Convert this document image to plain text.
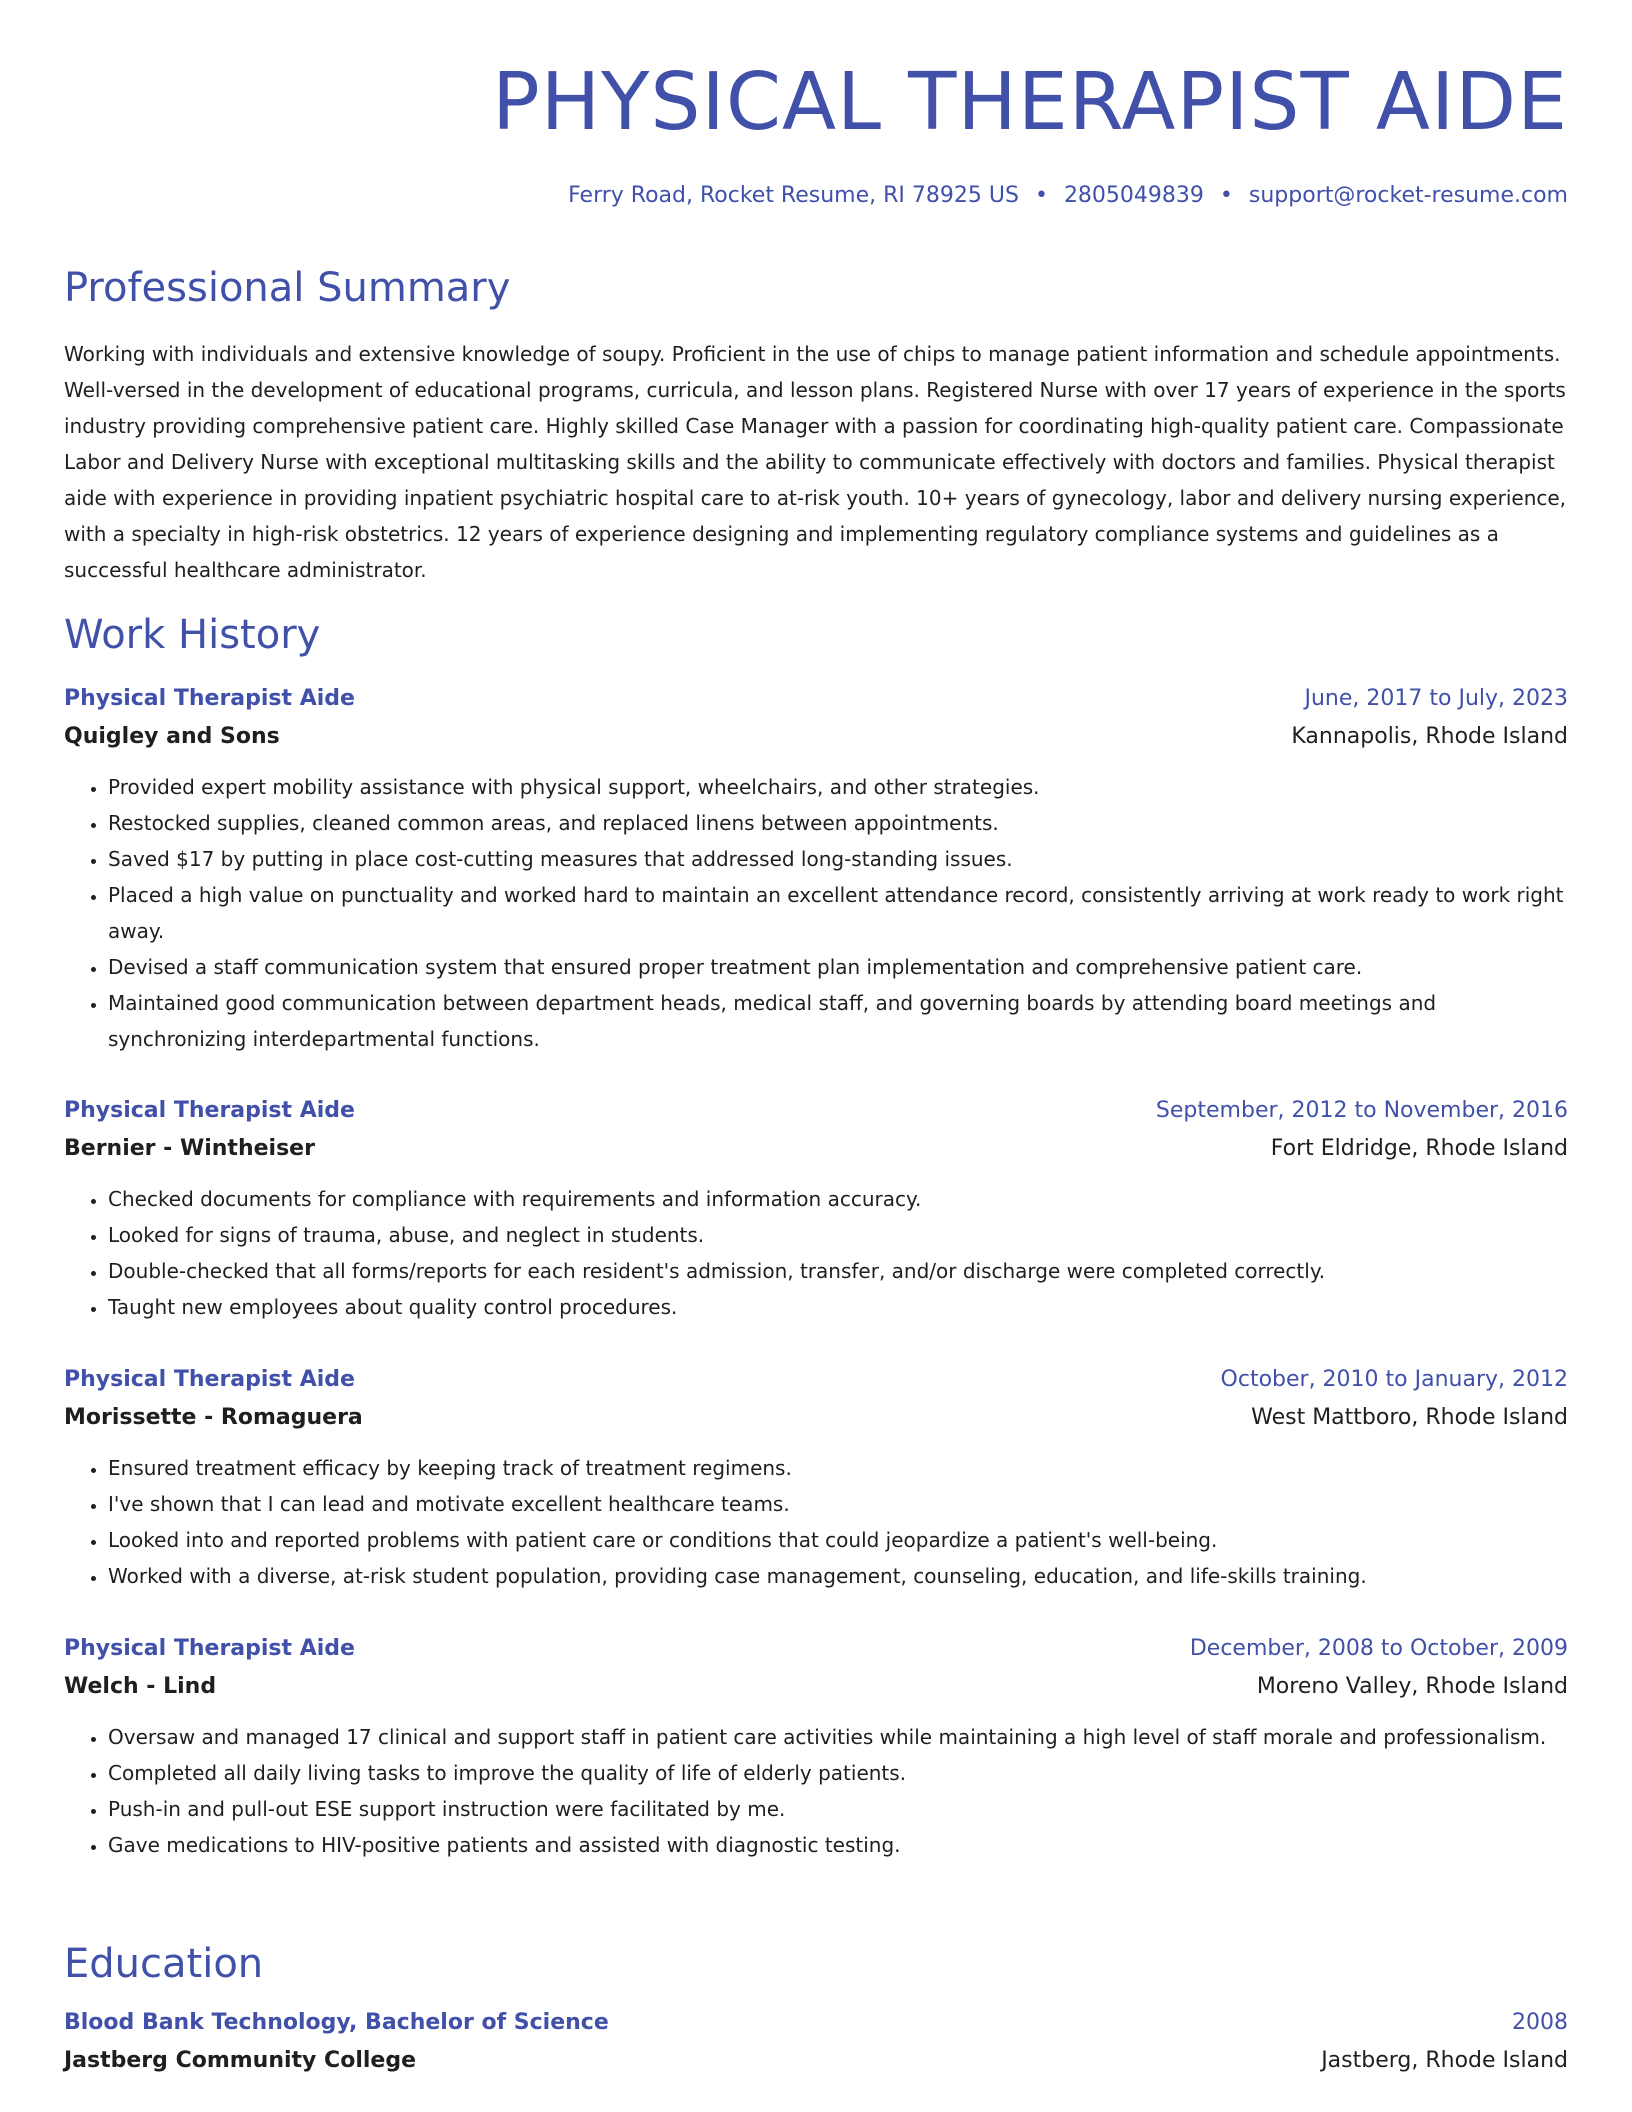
PHYSICAL THERAPIST AIDE
Ferry Road, Rocket Resume, RI 78925 US • 2805049839 • support@rocket-resume.com
Professional Summary

Working with individuals and extensive knowledge of soupy. Proficient in the use of chips to manage patient information and schedule appointments. Well-versed in the development of educational programs, curricula, and lesson plans. Registered Nurse with over 17 years of experience in the sports industry providing comprehensive patient care. Highly skilled Case Manager with a passion for coordinating high-quality patient care. Compassionate Labor and Delivery Nurse with exceptional multitasking skills and the ability to communicate effectively with doctors and families. Physical therapist aide with experience in providing inpatient psychiatric hospital care to at-risk youth. 10+ years of gynecology, labor and delivery nursing experience, with a specialty in high-risk obstetrics. 12 years of experience designing and implementing regulatory compliance systems and guidelines as a successful healthcare administrator.

Work History
Physical Therapist Aide	June, 2017 to July, 2023
Quigley and Sons	Kannapolis, Rhode Island
• Provided expert mobility assistance with physical support, wheelchairs, and other strategies.
• Restocked supplies, cleaned common areas, and replaced linens between appointments.
• Saved $17 by putting in place cost-cutting measures that addressed long-standing issues.
• Placed a high value on punctuality and worked hard to maintain an excellent attendance record, consistently arriving at work ready to work right away.
• Devised a staff communication system that ensured proper treatment plan implementation and comprehensive patient care.
• Maintained good communication between department heads, medical staff, and governing boards by attending board meetings and synchronizing interdepartmental functions.
Physical Therapist Aide	September, 2012 to November, 2016
Bernier - Wintheiser	Fort Eldridge, Rhode Island
• Checked documents for compliance with requirements and information accuracy.
• Looked for signs of trauma, abuse, and neglect in students.
• Double-checked that all forms/reports for each resident's admission, transfer, and/or discharge were completed correctly.
• Taught new employees about quality control procedures.
Physical Therapist Aide	October, 2010 to January, 2012
Morissette - Romaguera	West Mattboro, Rhode Island
• Ensured treatment efficacy by keeping track of treatment regimens.
• I've shown that I can lead and motivate excellent healthcare teams.
• Looked into and reported problems with patient care or conditions that could jeopardize a patient's well-being.
• Worked with a diverse, at-risk student population, providing case management, counseling, education, and life-skills training.
Physical Therapist Aide	December, 2008 to October, 2009
Welch - Lind	Moreno Valley, Rhode Island
• Oversaw and managed 17 clinical and support staff in patient care activities while maintaining a high level of staff morale and professionalism.
• Completed all daily living tasks to improve the quality of life of elderly patients.
• Push-in and pull-out ESE support instruction were facilitated by me.
• Gave medications to HIV-positive patients and assisted with diagnostic testing.
Education
Blood Bank Technology, Bachelor of Science	2008
Jastberg Community College	Jastberg, Rhode Island
